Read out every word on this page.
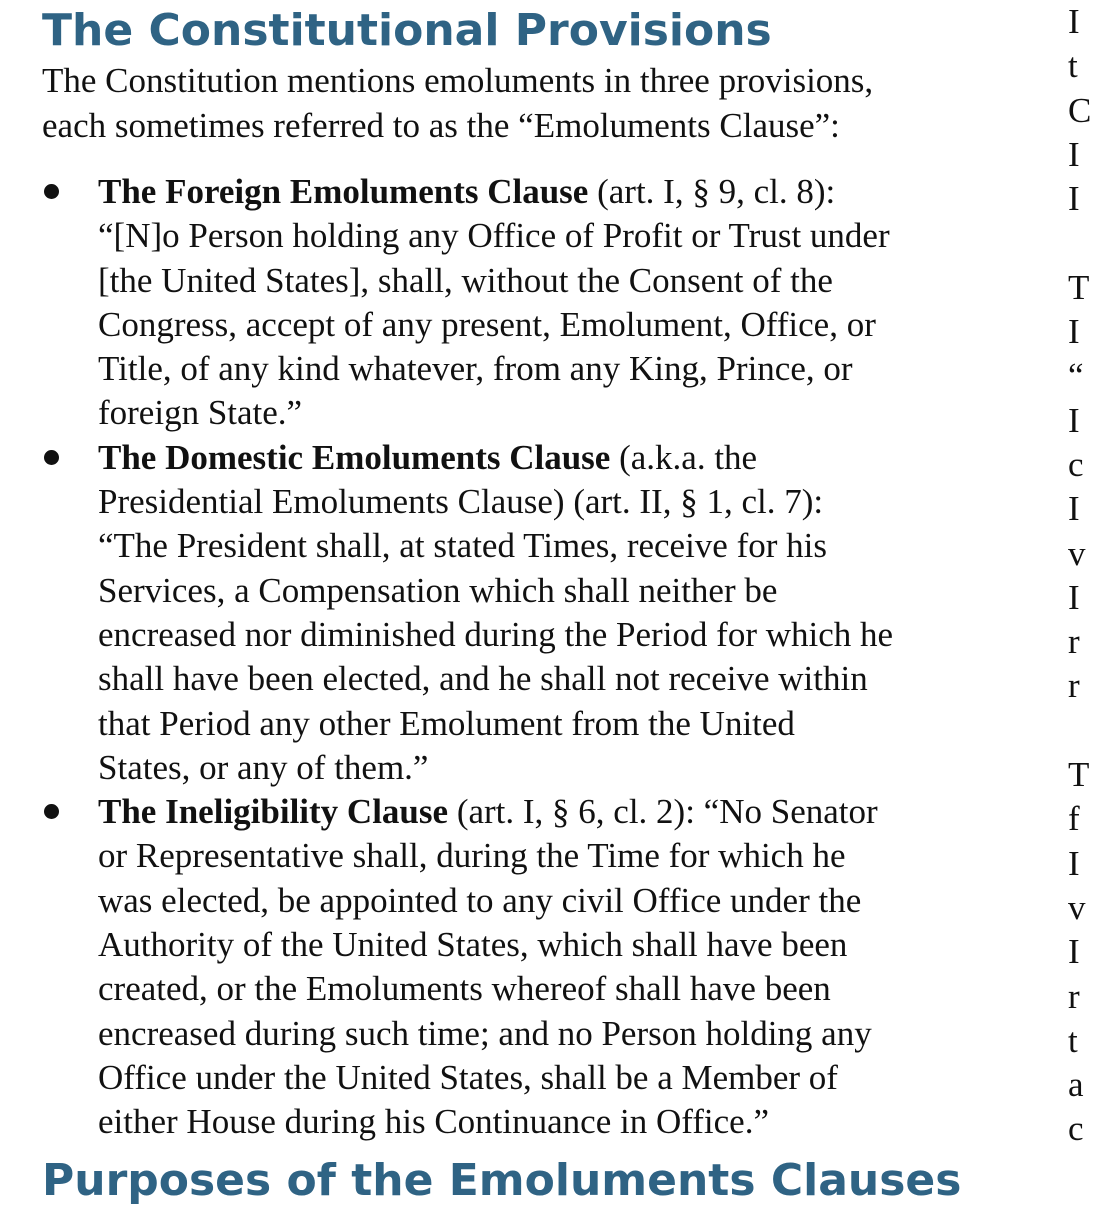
The Constitutional Provisions

The Constitution mentions emoluments in three provisions,
each sometimes referred to as the “Emoluments Clause”:

The Foreign Emoluments Clause (art. I, § 9, cl. 8):
“[N]o Person holding any Office of Profit or Trust under
[the United States], shall, without the Consent of the
Congress, accept of any present, Emolument, Office, or
Title, of any kind whatever, from any King, Prince, or
foreign State.”
The Domestic Emoluments Clause (a.k.a. the
Presidential Emoluments Clause) (art. II, § 1, cl. 7):
“The President shall, at stated Times, receive for his
Services, a Compensation which shall neither be
encreased nor diminished during the Period for which he
shall have been elected, and he shall not receive within
that Period any other Emolument from the United
States, or any of them.”
The Ineligibility Clause (art. I, § 6, cl. 2): “No Senator
or Representative shall, during the Time for which he
was elected, be appointed to any civil Office under the
Authority of the United States, which shall have been
created, or the Emoluments whereof shall have been
encreased during such time; and no Person holding any
Office under the United States, shall be a Member of
either House during his Continuance in Office.”
Purposes of the Emoluments Clauses
I
t
C
I
I
T
I
“
I
c
I
v
I
r
r
T
f
I
v
I
r
t
a
c
